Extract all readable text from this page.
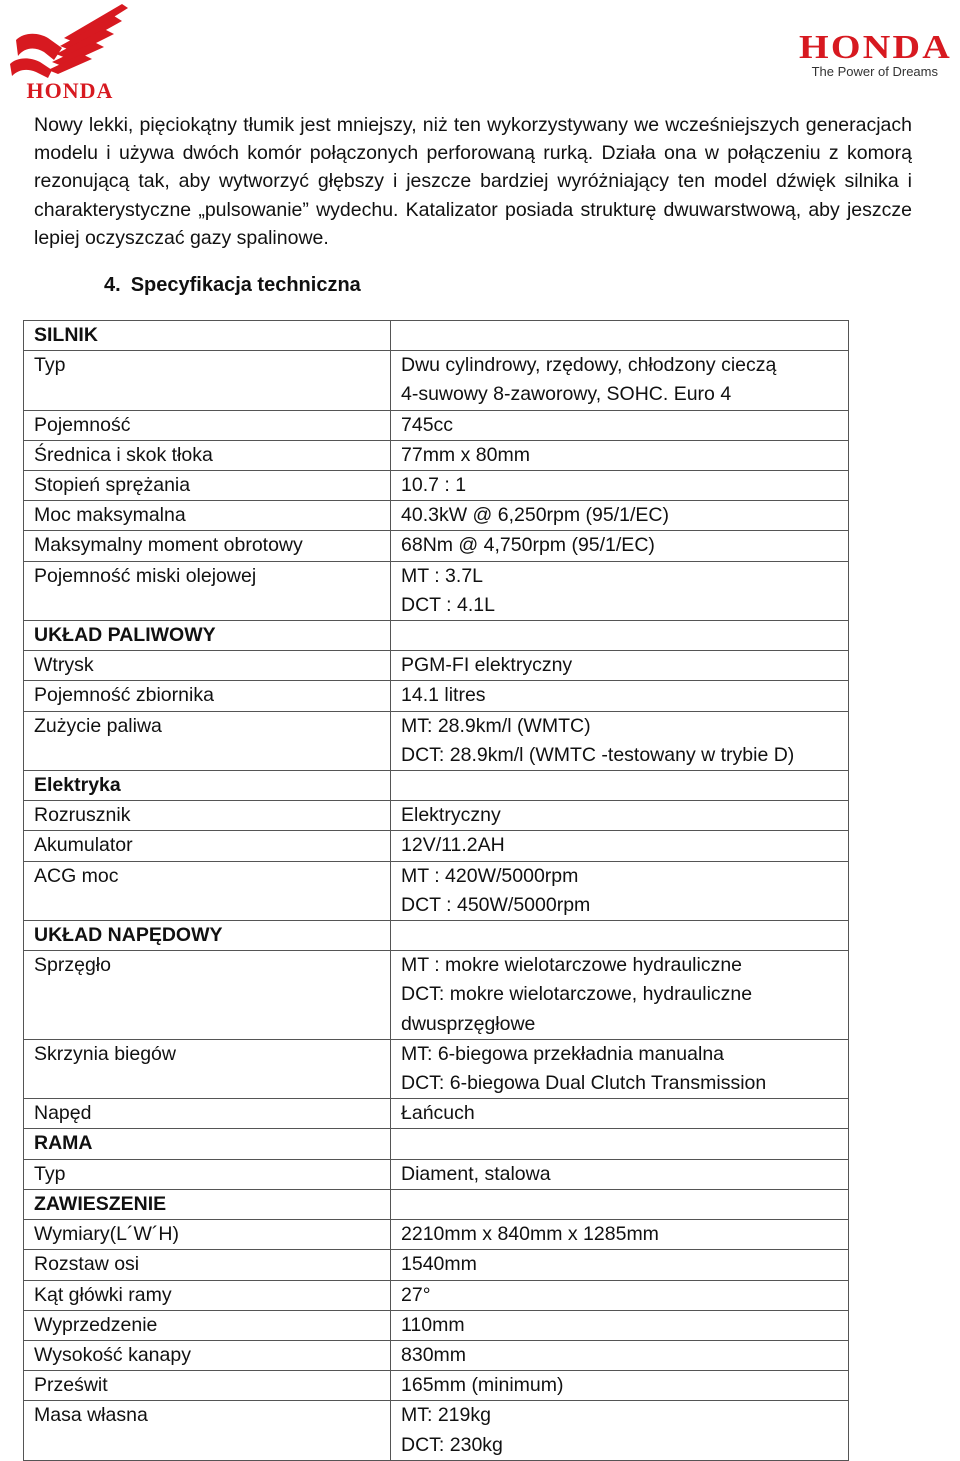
HONDA
HONDA
The Power of Dreams

Nowy lekki, pięciokątny tłumik jest mniejszy, niż ten wykorzystywany we wcześniejszych generacjach modelu i używa dwóch komór połączonych perforowaną rurką. Działa ona w połączeniu z komorą rezonującą tak, aby wytworzyć głębszy i jeszcze bardziej wyróżniający ten model dźwięk silnika i charakterystyczne „pulsowanie” wydechu. Katalizator posiada strukturę dwuwarstwową, aby jeszcze lepiej oczyszczać gazy spalinowe.

4. Specyfikacja techniczna
SILNIK	
Typ	Dwu cylindrowy, rzędowy, chłodzony cieczą
4-suwowy 8-zaworowy, SOHC. Euro 4

Pojemność	745cc

Średnica i skok tłoka	77mm x 80mm

Stopień sprężania	10.7 : 1

Moc maksymalna	40.3kW @ 6,250rpm (95/1/EC)

Maksymalny moment obrotowy	68Nm @ 4,750rpm (95/1/EC)

Pojemność miski olejowej	MT : 3.7L
DCT : 4.1L

UKŁAD PALIWOWY	
Wtrysk	PGM-FI elektryczny

Pojemność zbiornika	14.1 litres

Zużycie paliwa	MT: 28.9km/l (WMTC)
DCT: 28.9km/l (WMTC -testowany w trybie D)

Elektryka	
Rozrusznik	Elektryczny

Akumulator	12V/11.2AH

ACG moc	MT : 420W/5000rpm
DCT : 450W/5000rpm

UKŁAD NAPĘDOWY	
Sprzęgło	MT : mokre wielotarczowe hydrauliczne
DCT: mokre wielotarczowe, hydrauliczne
dwusprzęgłowe

Skrzynia biegów	MT: 6-biegowa przekładnia manualna
DCT: 6-biegowa Dual Clutch Transmission

Napęd	Łańcuch

RAMA	
Typ	Diament, stalowa

ZAWIESZENIE	
Wymiary(L´W´H)	2210mm x 840mm x 1285mm

Rozstaw osi	1540mm

Kąt główki ramy	27°

Wyprzedzenie	110mm

Wysokość kanapy	830mm

Prześwit	165mm (minimum)

Masa własna	MT: 219kg
DCT: 230kg
